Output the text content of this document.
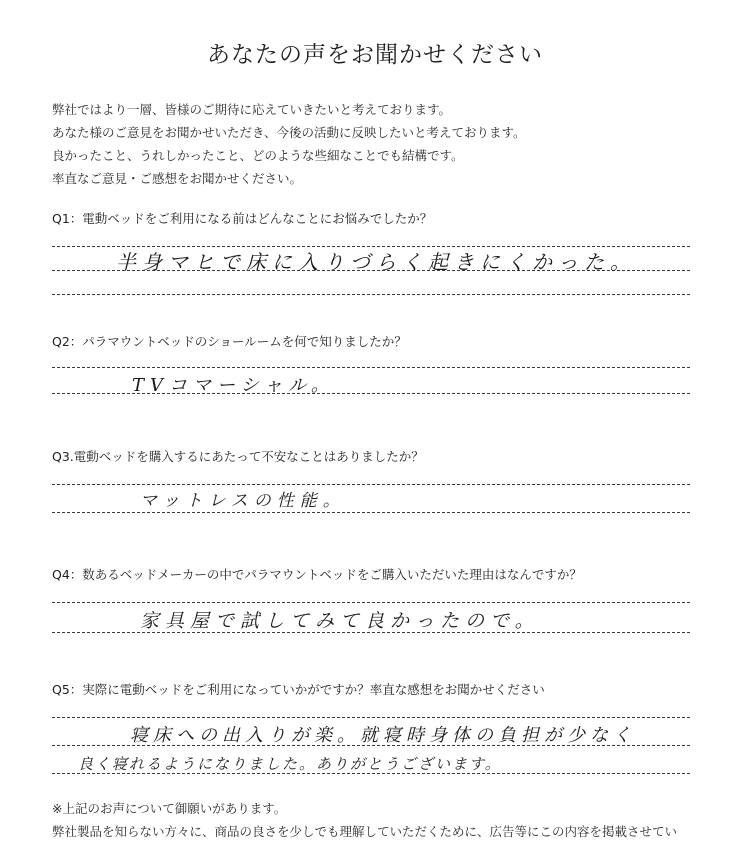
あなたの声をお聞かせください
弊社ではより一層、皆様のご期待に応えていきたいと考えております。
あなた様のご意見をお聞かせいただき、今後の活動に反映したいと考えております。
良かったこと、うれしかったこと、どのような些細なことでも結構です。
率直なご意見・ご感想をお聞かせください。
Q1：電動ベッドをご利用になる前はどんなことにお悩みでしたか？
半身マヒで床に入りづらく起きにくかった。
Q2：パラマウントベッドのショールームを何で知りましたか？
TVコマーシャル。
Q3.電動ベッドを購入するにあたって不安なことはありましたか？
マットレスの性能。
Q4：数あるベッドメーカーの中でパラマウントベッドをご購入いただいた理由はなんですか？
家具屋で試してみて良かったので。
Q5：実際に電動ベッドをご利用になっていかがですか？率直な感想をお聞かせください
寝床への出入りが楽。就寝時身体の負担が少なく
良く寝れるようになりました。ありがとうございます。
※上記のお声について御願いがあります。
弊社製品を知らない方々に、商品の良さを少しでも理解していただくために、広告等にこの内容を掲載させてい
